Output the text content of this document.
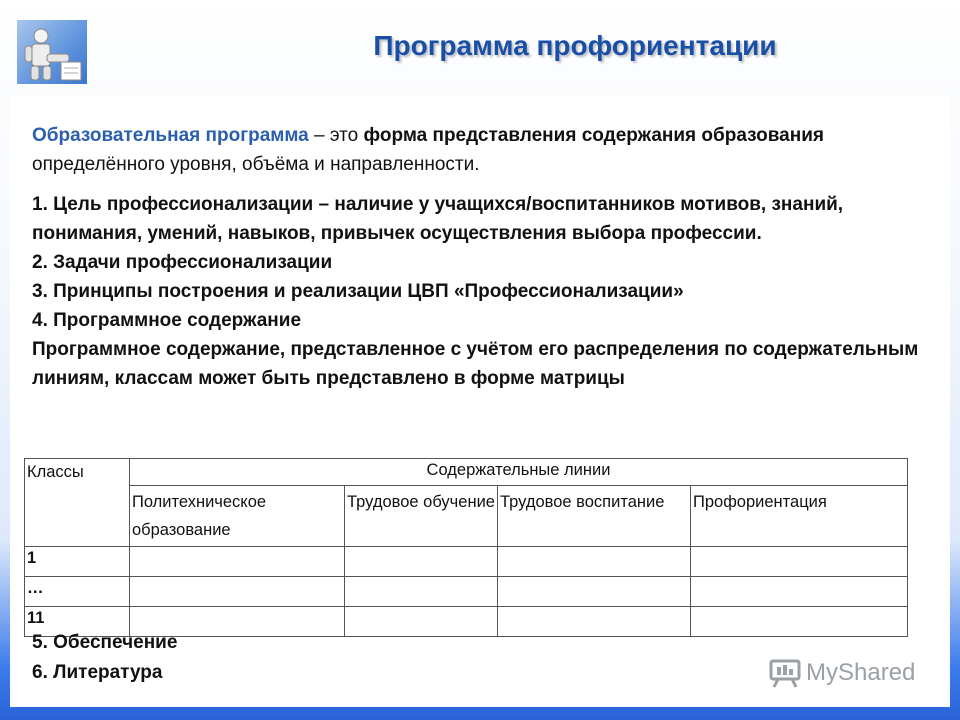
Программа профориентации
Образовательная программа – это форма представления содержания образования определённого уровня, объёма и направленности.

1. Цель профессионализации – наличие у учащихся/воспитанников мотивов, знаний, понимания, умений, навыков, привычек осуществления выбора профессии.

2. Задачи профессионализации

3. Принципы построения и реализации ЦВП «Профессионализации»

4. Программное содержание

Программное содержание, представленное с учётом его распределения по содержательным линиям, классам может быть представлено в форме матрицы

Классы	Содержательные линии			
	Политехническое образование	Трудовое обучение	Трудовое воспитание	Профориентация
1				
…				
11				

5. Обеспечение

6. Литература	MyShared
